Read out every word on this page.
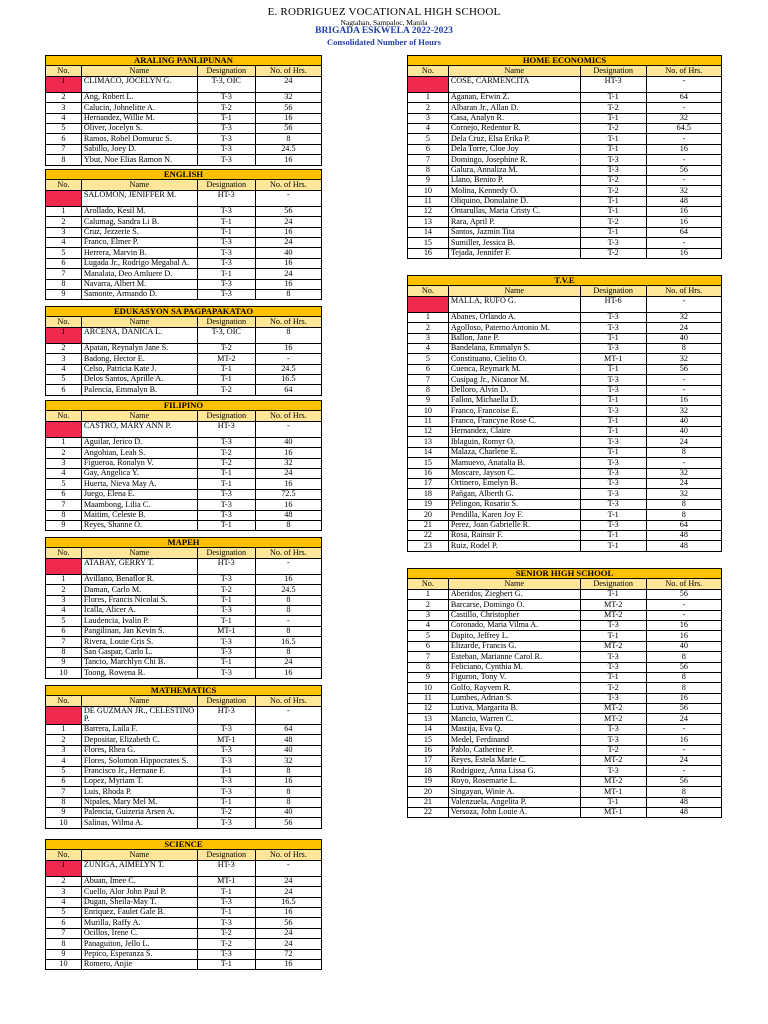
E. RODRIGUEZ VOCATIONAL HIGH SCHOOL
Nagtahan, Sampaloc, Manila
BRIGADA ESKWELA 2022-2023
Consolidated Number of Hours
ARALING PANLIPUNAN			
No.	Name	Designation	No. of Hrs.
1	CLIMACO, JOCELYN G.	T-3, OIC	24
2	Ang, Robert L.	T-3	32
3	Calucin, Johnelitte A.	T-2	56
4	Hernandez, Willie M.	T-1	16
5	Oliver, Jocelyn S.	T-3	56
6	Ramos, Robel Domuruc S.	T-3	8
7	Sabillo, Joey D.	T-3	24.5
8	Ybut, Noe Elias Ramon N.	T-3	16
ENGLISH			
No.	Name	Designation	No. of Hrs.
	SALOMON, JENIFFER M.	HT-3	-
1	Arollado, Kesil M.	T-3	56
2	Calumag, Sandra Li B.	T-1	24
3	Cruz, Jezzerie S.	T-1	16
4	Franco, Elmer P.	T-3	24
5	Herrera, Marvin B.	T-3	40
6	Lugada Jr., Rodrigo Megabal A.	T-3	16
7	Manalata, Deo Amluere D.	T-1	24
8	Navarra, Albert M.	T-3	16
9	Samonte, Armando D.	T-3	8
EDUKASYON SA PAGPAPAKATAO			
No.	Name	Designation	No. of Hrs.
1	ARCENA, DANICA L.	T-3, OIC	8
2	Apatan, Reynalyn Jane S.	T-2	16
3	Badong, Hector E.	MT-2	-
4	Celso, Patricia Kate J.	T-1	24.5
5	Delos Santos, Aprille A.	T-1	16.5
6	Palencia, Emmalyn B.	T-2	64
FILIPINO			
No.	Name	Designation	No. of Hrs.
	CASTRO, MARY ANN P.	HT-3	-
1	Aguilar, Jerico D.	T-3	40
2	Angohian, Leah S.	T-2	16
3	Figueroa, Ronalyn V.	T-2	32
4	Gay, Angelica Y.	T-1	24
5	Huerta, Nieva May A.	T-1	16
6	Juego, Elena E.	T-3	72.5
7	Maambong, Lilia C.	T-3	16
8	Maitim, Celeste B.	T-3	48
9	Reyes, Shanne O.	T-1	8
MAPEH			
No.	Name	Designation	No. of Hrs.
	ATABAY, GERRY T.	HT-3	-
1	Avillano, Benaflor R.	T-3	16
2	Daman, Carlo M.	T-2	24.5
3	Flores, Francis Nicolai S.	T-1	8
4	Icalla, Alicer A.	T-3	8
5	Laudencia, Ivalin P.	T-1	-
6	Pangilinan, Jan Kevin S.	MT-1	8
7	Rivera, Louie Cris S.	T-3	16.5
8	San Gaspar, Carlo L.	T-3	8
9	Tancio, Marchlyn Chi B.	T-1	24
10	Toong, Rowena R.	T-3	16
MATHEMATICS			
No.	Name	Designation	No. of Hrs.
	DE GUZMAN JR., CELESTINO P.	HT-3	-
1	Barrera, Laila F.	T-3	64
2	Depositar, Elizabeth C.	MT-1	48
3	Flores, Rhea G.	T-3	40
4	Flores, Solomon Hippocrates S.	T-3	32
5	Francisco Jr., Hernane F.	T-1	8
6	Lopez, Myriam T.	T-3	16
7	Luis, Rhoda P.	T-3	8
8	Nipales, Mary Mel M.	T-1	8
9	Palencia, Guizeria Arsen A.	T-2	40
10	Salinas, Wilma A.	T-3	56
SCIENCE			
No.	Name	Designation	No. of Hrs.
1	ZUNIGA, AIMELYN T.	HT-3	-
2	Abuan, Imee C.	MT-1	24
3	Cuello, Alor John Paul P.	T-1	24
4	Dugan, Sheila-May T.	T-3	16.5
5	Enriquez, Faulet Gale B.	T-1	16
6	Murilla, Raffy A.	T-3	56
7	Ocillos, Irene C.	T-2	24
8	Panaguiton, Jello L.	T-2	24
9	Pepico, Esperanza S.	T-3	72
10	Romero, Anjie	T-1	16
HOME ECONOMICS			
No.	Name	Designation	No. of Hrs.
	COSE, CARMENCITA	HT-3	-
1	Aganan, Erwin Z.	T-1	64
2	Albaran Jr., Allan D.	T-2	-
3	Casa, Analyn R.	T-1	32
4	Cornejo, Redentor R.	T-2	64.5
5	Dela Cruz, Elsa Erika P.	T-1	-
6	Dela Torre, Cloe Joy	T-1	16
7	Domingo, Josephine R.	T-3	-
8	Galura, Annaliza M.	T-3	56
9	Llano, Benito P.	T-2	-
10	Molina, Kennedy O.	T-2	32
11	Oliquino, Donulaine D.	T-1	48
12	Ontarullas, Maria Cristy C.	T-1	16
13	Rara, April P.	T-2	16
14	Santos, Jazmin Tita	T-1	64
15	Sumiller, Jessica B.	T-3	-
16	Tejada, Jennifer F.	T-2	16
T.V.E			
No.	Name	Designation	No. of Hrs.
	MALLA, RUFO G.	HT-6	-
1	Abanes, Orlando A.	T-3	32
2	Agolloso, Paterno Antonio M.	T-3	24
3	Ballon, Jane P.	T-1	40
4	Bandelana, Emmalyn S.	T-3	8
5	Constituano, Cielito O.	MT-1	32
6	Cuenca, Reymark M.	T-1	56
7	Cusipag Jr., Nicanor M.	T-3	-
8	Delloro, Alvin D.	T-3	-
9	Fallon, Michaella D.	T-1	16
10	Franco, Francoise E.	T-3	32
11	Franco, Francyne Rose C.	T-1	40
12	Hernandez, Claire	T-1	40
13	Iblaguin, Romyr O.	T-3	24
14	Malaza, Charlene E.	T-1	8
15	Mamuevo, Anatalia B.	T-3	-
16	Moscare, Jayson C.	T-3	32
17	Ortinero, Emelyn B.	T-3	24
18	Pañgan, Alberth G.	T-3	32
19	Pelingon, Rosario S.	T-3	8
20	Pendilla, Karen Joy F.	T-1	8
21	Perez, Joan Gabrielle R.	T-3	64
22	Rosa, Rainsir F.	T-1	48
23	Ruiz, Rodel P.	T-1	48
SENIOR HIGH SCHOOL			
No.	Name	Designation	No. of Hrs.
1	Aberidos, Ziegbert G.	T-1	56
2	Barcarse, Domingo O.	MT-2	-
3	Castillo, Christopher	MT-2	-
4	Coronado, Maria Vilma A.	T-3	16
5	Dapito, Jeffrey L.	T-1	16
6	Elizarde, Francis G.	MT-2	40
7	Esteban, Marianne Carol R.	T-3	8
8	Feliciano, Cynthia M.	T-3	56
9	Figuron, Tony V.	T-1	8
10	Golfo, Rayvem R.	T-2	8
11	Lumbes, Adrian S.	T-3	16
12	Lutiva, Margarita B.	MT-2	56
13	Mancio, Warren C.	MT-2	24
14	Mastija, Eva Q.	T-3	-
15	Medel, Ferdinand	T-3	16
16	Pablo, Catherine P.	T-2	-
17	Reyes, Estela Marie C.	MT-2	24
18	Rodriguez, Anna Lissa G.	T-3	-
19	Royo, Rosemarie L.	MT-2	56
20	Singayan, Winie A.	MT-1	8
21	Valenzuela, Angelita P.	T-1	48
22	Versoza, John Louie A.	MT-1	48
